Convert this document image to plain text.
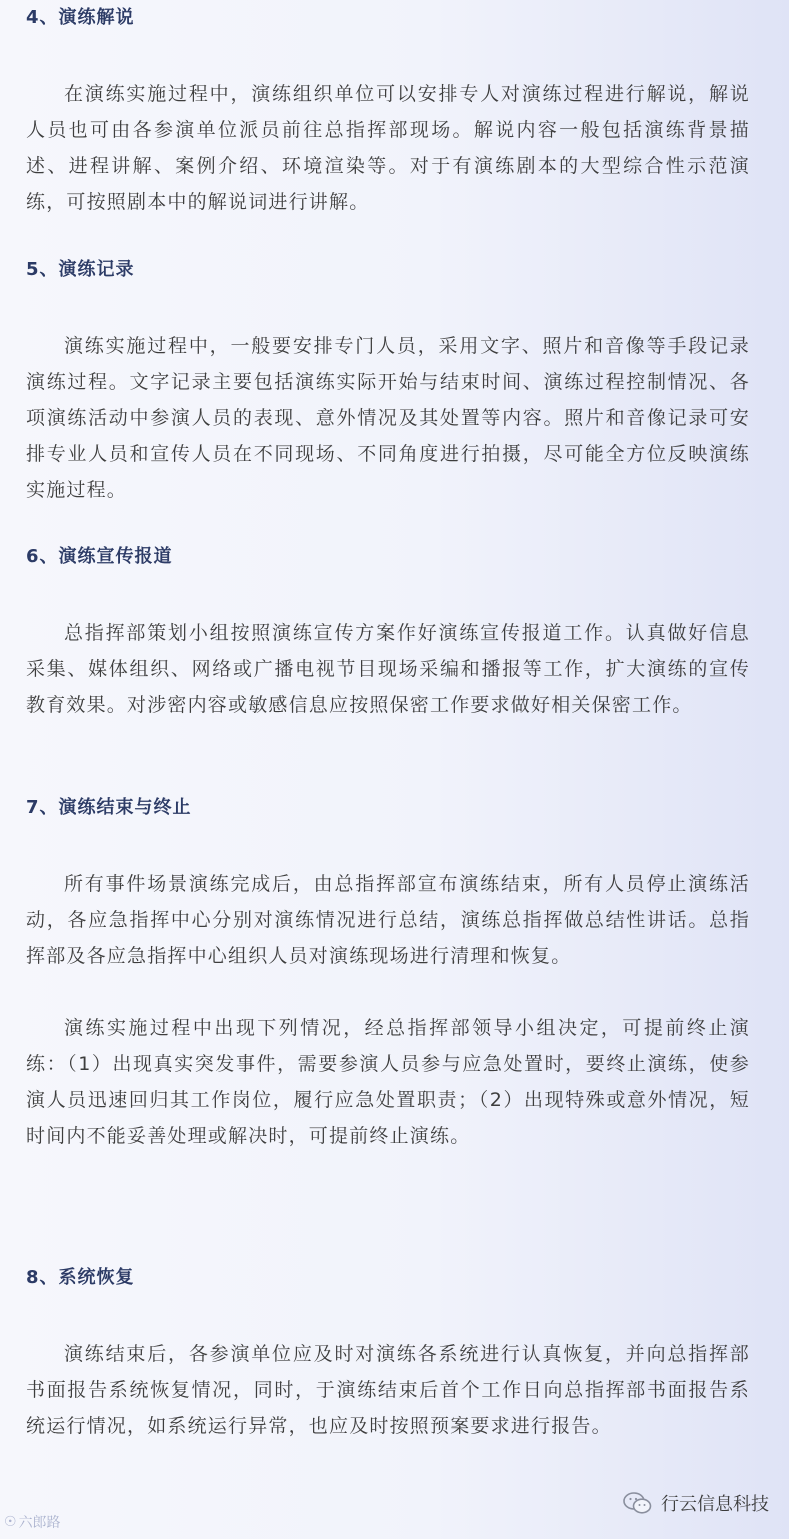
4、演练解说

在演练实施过程中，演练组织单位可以安排专人对演练过程进行解说，解说人员也可由各参演单位派员前往总指挥部现场。解说内容一般包括演练背景描述、进程讲解、案例介绍、环境渲染等。对于有演练剧本的大型综合性示范演练，可按照剧本中的解说词进行讲解。

5、演练记录

演练实施过程中，一般要安排专门人员，采用文字、照片和音像等手段记录演练过程。文字记录主要包括演练实际开始与结束时间、演练过程控制情况、各项演练活动中参演人员的表现、意外情况及其处置等内容。照片和音像记录可安排专业人员和宣传人员在不同现场、不同角度进行拍摄，尽可能全方位反映演练实施过程。

6、演练宣传报道

总指挥部策划小组按照演练宣传方案作好演练宣传报道工作。认真做好信息采集、媒体组织、网络或广播电视节目现场采编和播报等工作，扩大演练的宣传教育效果。对涉密内容或敏感信息应按照保密工作要求做好相关保密工作。

7、演练结束与终止

所有事件场景演练完成后，由总指挥部宣布演练结束，所有人员停止演练活动，各应急指挥中心分别对演练情况进行总结，演练总指挥做总结性讲话。总指挥部及各应急指挥中心组织人员对演练现场进行清理和恢复。

演练实施过程中出现下列情况，经总指挥部领导小组决定，可提前终止演练：（1）出现真实突发事件，需要参演人员参与应急处置时，要终止演练，使参演人员迅速回归其工作岗位，履行应急处置职责；（2）出现特殊或意外情况，短时间内不能妥善处理或解决时，可提前终止演练。

8、系统恢复

演练结束后，各参演单位应及时对演练各系统进行认真恢复，并向总指挥部书面报告系统恢复情况，同时，于演练结束后首个工作日向总指挥部书面报告系统运行情况，如系统运行异常，也应及时按照预案要求进行报告。

☉ 六郎路
行云信息科技
